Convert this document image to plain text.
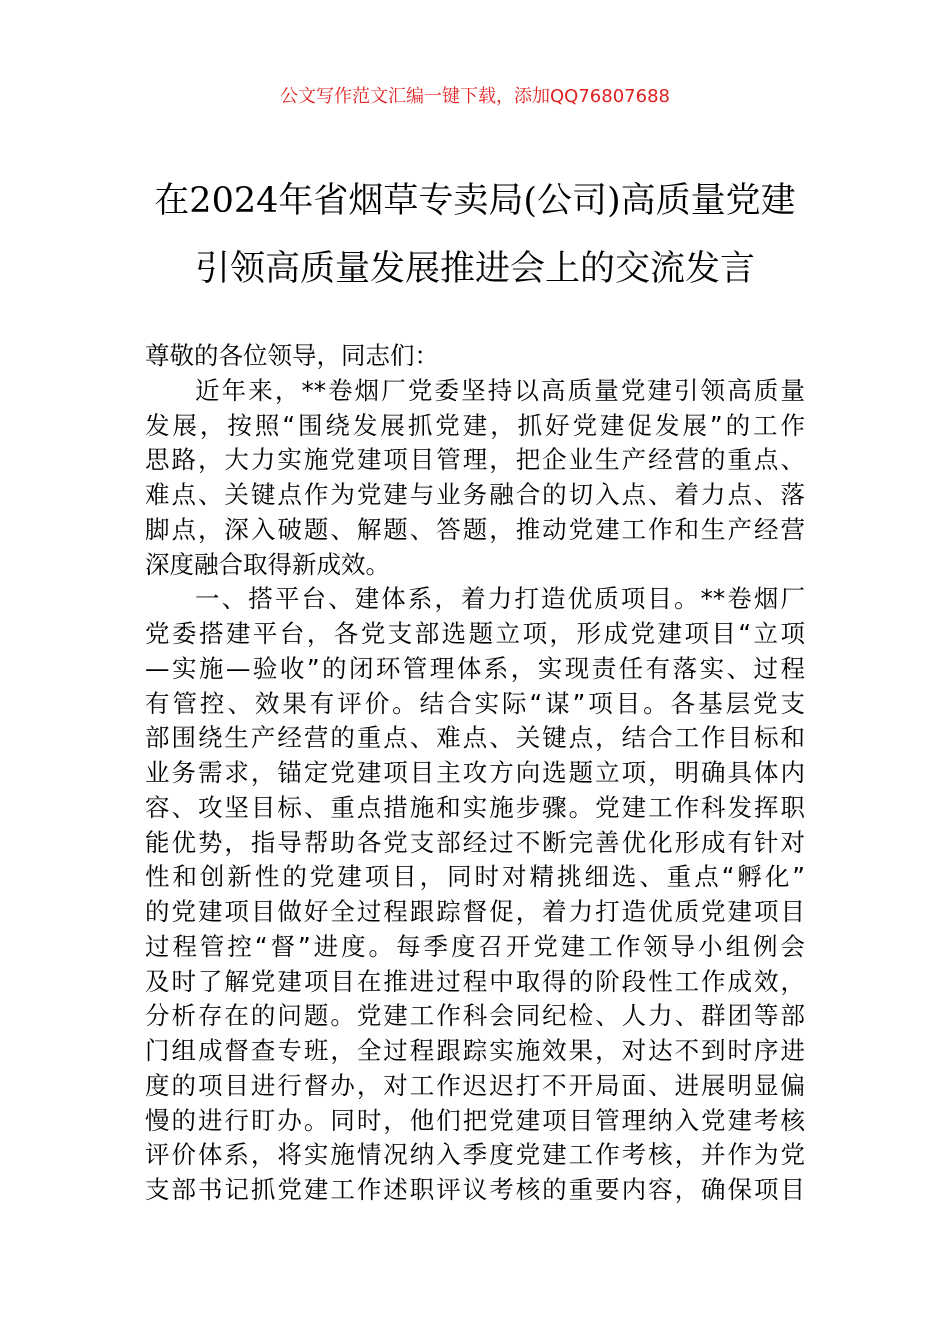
公文写作范文汇编一键下载，添加QQ76807688
在2024年省烟草专卖局(公司)高质量党建
引领高质量发展推进会上的交流发言
尊敬的各位领导，同志们：
近年来，**卷烟厂党委坚持以高质量党建引领高质量
发展，按照“围绕发展抓党建，抓好党建促发展”的工作
思路，大力实施党建项目管理，把企业生产经营的重点、
难点、关键点作为党建与业务融合的切入点、着力点、落
脚点，深入破题、解题、答题，推动党建工作和生产经营
深度融合取得新成效。
一、搭平台、建体系，着力打造优质项目。**卷烟厂
党委搭建平台，各党支部选题立项，形成党建项目“立项
—实施—验收”的闭环管理体系，实现责任有落实、过程
有管控、效果有评价。结合实际“谋”项目。各基层党支
部围绕生产经营的重点、难点、关键点，结合工作目标和
业务需求，锚定党建项目主攻方向选题立项，明确具体内
容、攻坚目标、重点措施和实施步骤。党建工作科发挥职
能优势，指导帮助各党支部经过不断完善优化形成有针对
性和创新性的党建项目，同时对精挑细选、重点“孵化”
的党建项目做好全过程跟踪督促，着力打造优质党建项目
过程管控“督”进度。每季度召开党建工作领导小组例会
及时了解党建项目在推进过程中取得的阶段性工作成效，
分析存在的问题。党建工作科会同纪检、人力、群团等部
门组成督查专班，全过程跟踪实施效果，对达不到时序进
度的项目进行督办，对工作迟迟打不开局面、进展明显偏
慢的进行盯办。同时，他们把党建项目管理纳入党建考核
评价体系，将实施情况纳入季度党建工作考核，并作为党
支部书记抓党建工作述职评议考核的重要内容，确保项目
